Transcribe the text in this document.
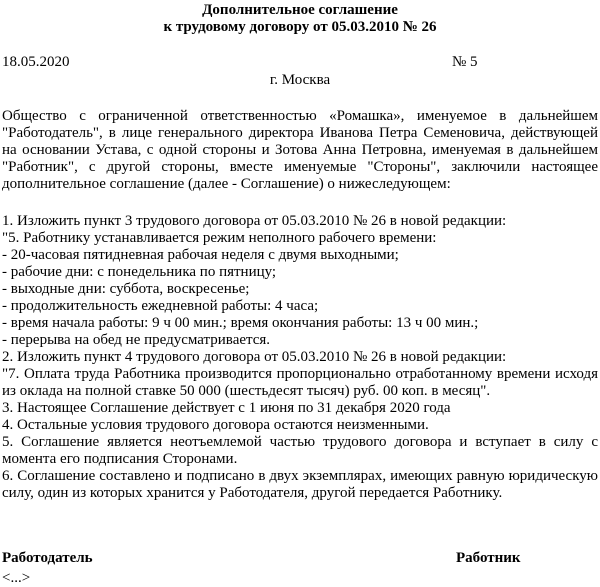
Дополнительное соглашение
к трудовому договору от 05.03.2010 № 26
18.05.2020	№ 5
г. Москва
Общество с ограниченной ответственностью «Ромашка», именуемое в дальнейшем "Работодатель", в лице генерального директора Иванова Петра Семеновича, действующей на основании Устава, с одной стороны и Зотова Анна Петровна, именуемая в дальнейшем "Работник", с другой стороны, вместе именуемые "Стороны", заключили настоящее дополнительное соглашение (далее - Соглашение) о нижеследующем:
1. Изложить пункт 3 трудового договора от 05.03.2010 № 26 в новой редакции:
"5. Работнику устанавливается режим неполного рабочего времени:
- 20-часовая пятидневная рабочая неделя с двумя выходными;
- рабочие дни: с понедельника по пятницу;
- выходные дни: суббота, воскресенье;
- продолжительность ежедневной работы: 4 часа;
- время начала работы: 9 ч 00 мин.; время окончания работы: 13 ч 00 мин.;
- перерыва на обед не предусматривается.
2. Изложить пункт 4 трудового договора от 05.03.2010 № 26 в новой редакции:
"7. Оплата труда Работника производится пропорционально отработанному времени исходя из оклада на полной ставке 50 000 (шестьдесят тысяч) руб. 00 коп. в месяц".
3. Настоящее Соглашение действует с 1 июня по 31 декабря 2020 года
4. Остальные условия трудового договора остаются неизменными.
5. Соглашение является неотъемлемой частью трудового договора и вступает в силу с момента его подписания Сторонами.
6. Соглашение составлено и подписано в двух экземплярах, имеющих равную юридическую силу, один из которых хранится у Работодателя, другой передается Работнику.
Работодатель	Работник
<...>
